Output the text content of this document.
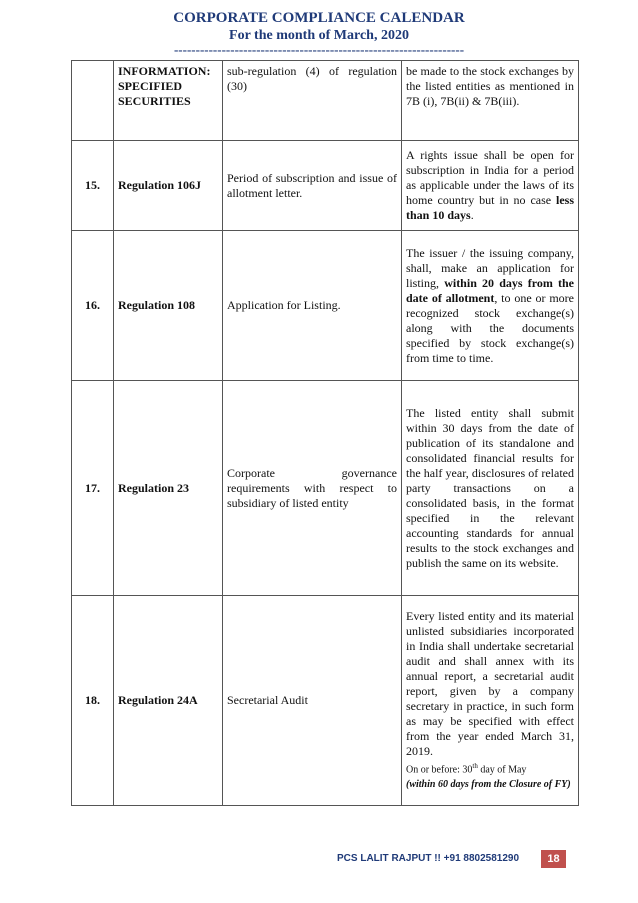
CORPORATE COMPLIANCE CALENDAR
For the month of March, 2020
-------------------------------------------------------------------
	INFORMATION: SPECIFIED SECURITIES	sub-regulation (4) of regulation (30)	be made to the stock exchanges by the listed entities as mentioned in 7B (i), 7B(ii) & 7B(iii).
15.	Regulation 106J	Period of subscription and issue of allotment letter.	A rights issue shall be open for subscription in India for a period as applicable under the laws of its home country but in no case less than 10 days.
16.	Regulation 108	Application for Listing.	The issuer / the issuing company, shall, make an application for listing, within 20 days from the date of allotment, to one or more recognized stock exchange(s) along with the documents specified by stock exchange(s) from time to time.
17.	Regulation 23	Corporate governance requirements with respect to subsidiary of listed entity	The listed entity shall submit within 30 days from the date of publication of its standalone and consolidated financial results for the half year, disclosures of related party transactions on a consolidated basis, in the format specified in the relevant accounting standards for annual results to the stock exchanges and publish the same on its website.
18.	Regulation 24A	Secretarial Audit	Every listed entity and its material unlisted subsidiaries incorporated in India shall undertake secretarial audit and shall annex with its annual report, a secretarial audit report, given by a company secretary in practice, in such form as may be specified with effect from the year ended March 31, 2019.
On or before: 30th day of May
(within 60 days from the Closure of FY)
PCS LALIT RAJPUT !! +91 8802581290	18
